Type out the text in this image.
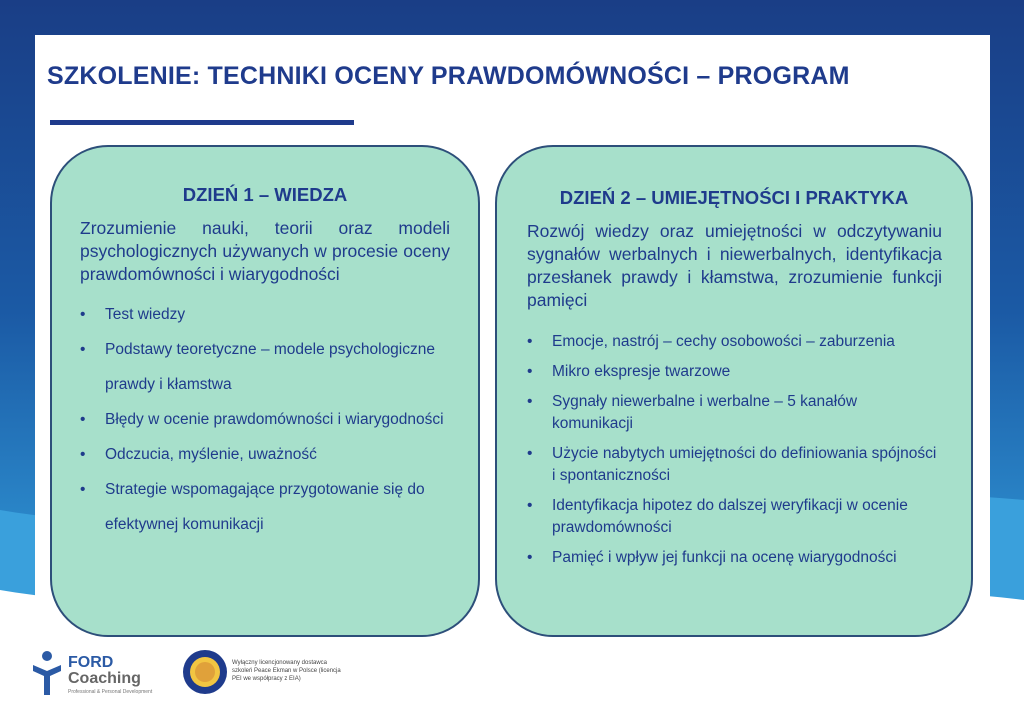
SZKOLENIE: TECHNIKI OCENY PRAWDOMÓWNOŚCI – PROGRAM
DZIEŃ 1 – WIEDZA
Zrozumienie nauki, teorii oraz modeli psychologicznych używanych w procesie oceny prawdomówności i wiarygodności
• Test wiedzy
• Podstawy teoretyczne – modele psychologiczne prawdy i kłamstwa
• Błędy w ocenie prawdomówności i wiarygodności
• Odczucia, myślenie, uważność
• Strategie wspomagające przygotowanie się do efektywnej komunikacji
DZIEŃ 2 – UMIEJĘTNOŚCI I PRAKTYKA
Rozwój wiedzy oraz umiejętności w odczytywaniu sygnałów werbalnych i niewerbalnych, identyfikacja przesłanek prawdy i kłamstwa, zrozumienie funkcji pamięci
• Emocje, nastrój – cechy osobowości – zaburzenia
• Mikro ekspresje twarzowe
• Sygnały niewerbalne i werbalne – 5 kanałów komunikacji
• Użycie nabytych umiejętności do definiowania spójności i spontaniczności
• Identyfikacja hipotez do dalszej weryfikacji w ocenie prawdomówności
• Pamięć i wpływ jej funkcji na ocenę wiarygodności
FORD
Coaching
Professional & Personal Development
Wyłączny licencjonowany dostawca szkoleń Peace Ekman w Polsce (licencja PEI we współpracy z EIA)
